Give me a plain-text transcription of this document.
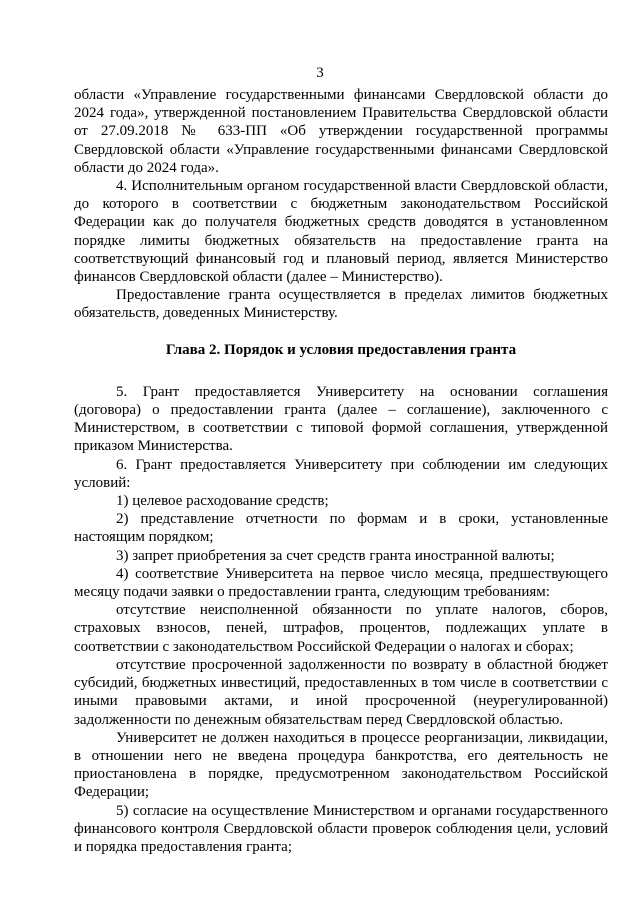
3

области «Управление государственными финансами Свердловской области до 2024 года», утвержденной постановлением Правительства Свердловской области от 27.09.2018 № 633-ПП «Об утверждении государственной программы Свердловской области «Управление государственными финансами Свердловской области до 2024 года».

4. Исполнительным органом государственной власти Свердловской области, до которого в соответствии с бюджетным законодательством Российской Федерации как до получателя бюджетных средств доводятся в установленном порядке лимиты бюджетных обязательств на предоставление гранта на соответствующий финансовый год и плановый период, является Министерство финансов Свердловской области (далее – Министерство).

Предоставление гранта осуществляется в пределах лимитов бюджетных обязательств, доведенных Министерству.

Глава 2. Порядок и условия предоставления гранта

5. Грант предоставляется Университету на основании соглашения (договора) о предоставлении гранта (далее – соглашение), заключенного с Министерством, в соответствии с типовой формой соглашения, утвержденной приказом Министерства.

6. Грант предоставляется Университету при соблюдении им следующих условий:

1) целевое расходование средств;

2) представление отчетности по формам и в сроки, установленные настоящим порядком;

3) запрет приобретения за счет средств гранта иностранной валюты;

4) соответствие Университета на первое число месяца, предшествующего месяцу подачи заявки о предоставлении гранта, следующим требованиям:

отсутствие неисполненной обязанности по уплате налогов, сборов, страховых взносов, пеней, штрафов, процентов, подлежащих уплате в соответствии с законодательством Российской Федерации о налогах и сборах;

отсутствие просроченной задолженности по возврату в областной бюджет субсидий, бюджетных инвестиций, предоставленных в том числе в соответствии с иными правовыми актами, и иной просроченной (неурегулированной) задолженности по денежным обязательствам перед Свердловской областью.

Университет не должен находиться в процессе реорганизации, ликвидации, в отношении него не введена процедура банкротства, его деятельность не приостановлена в порядке, предусмотренном законодательством Российской Федерации;

5) согласие на осуществление Министерством и органами государственного финансового контроля Свердловской области проверок соблюдения цели, условий и порядка предоставления гранта;
